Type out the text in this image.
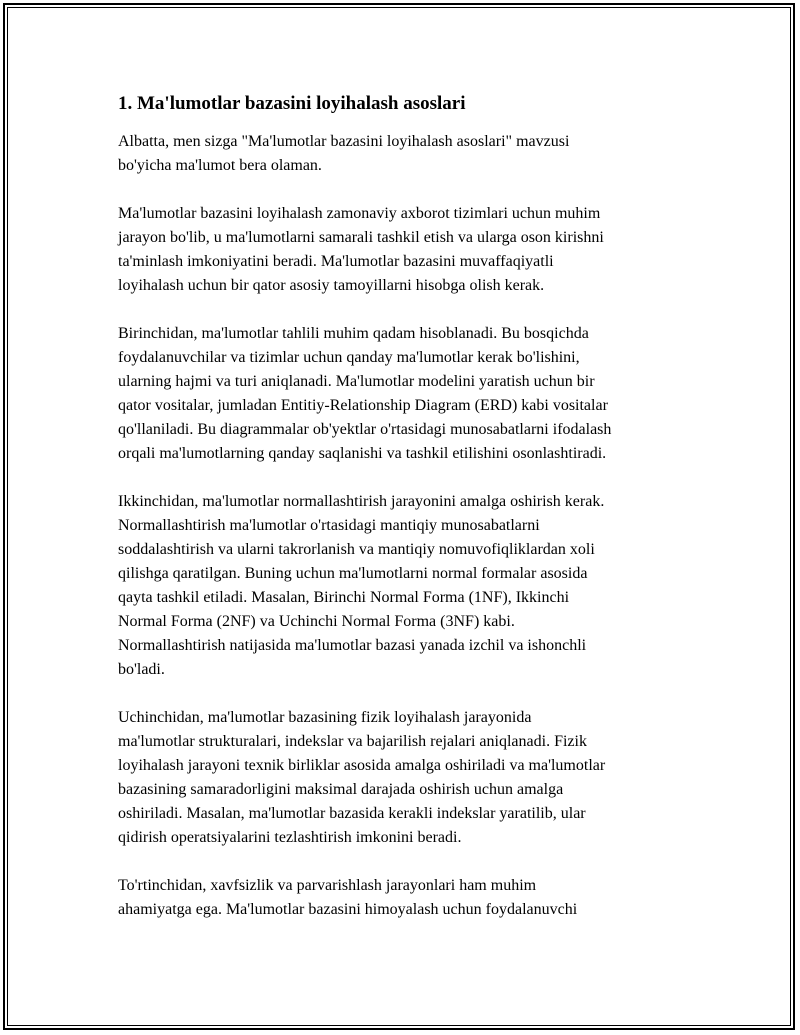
1. Ma'lumotlar bazasini loyihalash asoslari
Albatta, men sizga "Ma'lumotlar bazasini loyihalash asoslari" mavzusi
bo'yicha ma'lumot bera olaman.
Ma'lumotlar bazasini loyihalash zamonaviy axborot tizimlari uchun muhim
jarayon bo'lib, u ma'lumotlarni samarali tashkil etish va ularga oson kirishni
ta'minlash imkoniyatini beradi. Ma'lumotlar bazasini muvaffaqiyatli
loyihalash uchun bir qator asosiy tamoyillarni hisobga olish kerak.
Birinchidan, ma'lumotlar tahlili muhim qadam hisoblanadi. Bu bosqichda
foydalanuvchilar va tizimlar uchun qanday ma'lumotlar kerak bo'lishini,
ularning hajmi va turi aniqlanadi. Ma'lumotlar modelini yaratish uchun bir
qator vositalar, jumladan Entitiy-Relationship Diagram (ERD) kabi vositalar
qo'llaniladi. Bu diagrammalar ob'yektlar o'rtasidagi munosabatlarni ifodalash
orqali ma'lumotlarning qanday saqlanishi va tashkil etilishini osonlashtiradi.
Ikkinchidan, ma'lumotlar normallashtirish jarayonini amalga oshirish kerak.
Normallashtirish ma'lumotlar o'rtasidagi mantiqiy munosabatlarni
soddalashtirish va ularni takrorlanish va mantiqiy nomuvofiqliklardan xoli
qilishga qaratilgan. Buning uchun ma'lumotlarni normal formalar asosida
qayta tashkil etiladi. Masalan, Birinchi Normal Forma (1NF), Ikkinchi
Normal Forma (2NF) va Uchinchi Normal Forma (3NF) kabi.
Normallashtirish natijasida ma'lumotlar bazasi yanada izchil va ishonchli
bo'ladi.
Uchinchidan, ma'lumotlar bazasining fizik loyihalash jarayonida
ma'lumotlar strukturalari, indekslar va bajarilish rejalari aniqlanadi. Fizik
loyihalash jarayoni texnik birliklar asosida amalga oshiriladi va ma'lumotlar
bazasining samaradorligini maksimal darajada oshirish uchun amalga
oshiriladi. Masalan, ma'lumotlar bazasida kerakli indekslar yaratilib, ular
qidirish operatsiyalarini tezlashtirish imkonini beradi.
To'rtinchidan, xavfsizlik va parvarishlash jarayonlari ham muhim
ahamiyatga ega. Ma'lumotlar bazasini himoyalash uchun foydalanuvchi
